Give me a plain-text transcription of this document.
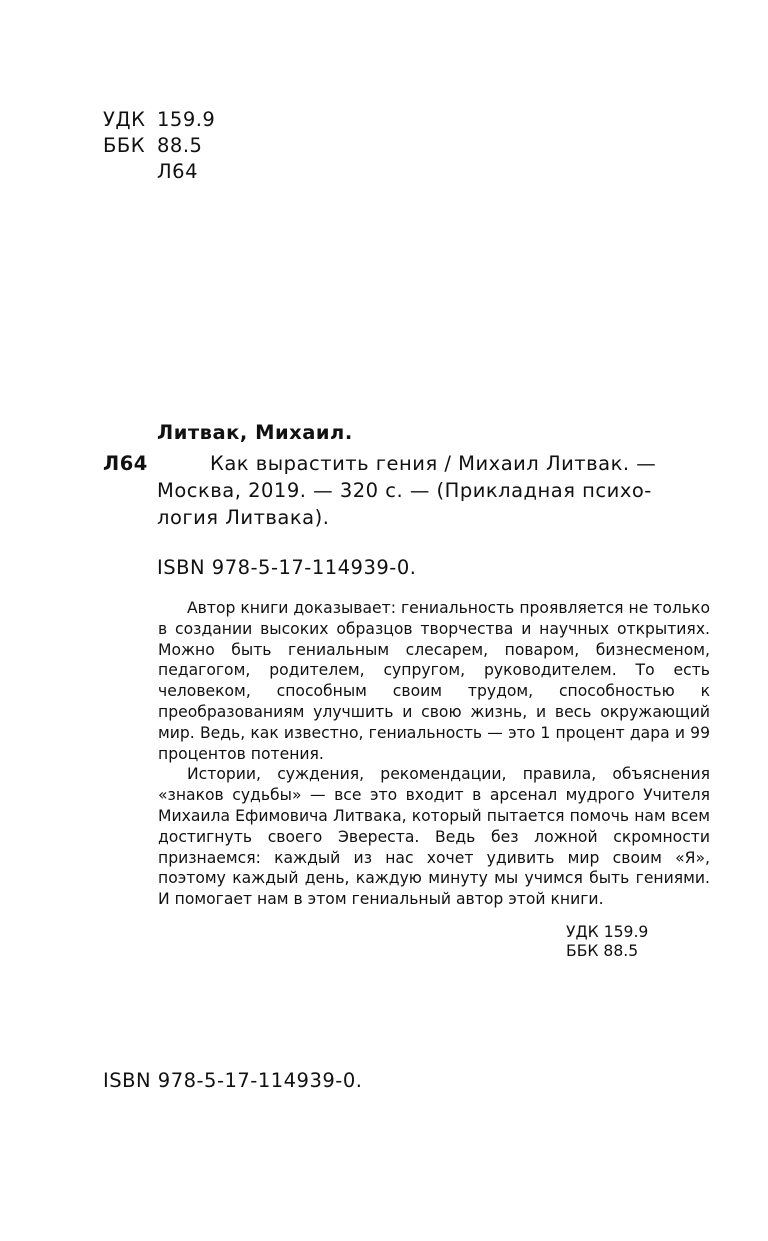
УДК 159.9
ББК 88.5
Л64
Литвак, Михаил.
Л64	Как вырастить гения / Михаил Литвак. —
Москва, 2019. — 320 с. — (Прикладная психо-
логия Литвака).
ISBN 978-5-17-114939-0.

Автор книги доказывает: гениальность проявляется не только в создании высоких образцов творчества и научных открытиях. Можно быть гениальным слесарем, поваром, бизнесменом, педагогом, родителем, супругом, руководителем. То есть человеком, способным своим трудом, способностью к преобразованиям улучшить и свою жизнь, и весь окружающий мир. Ведь, как известно, гениальность — это 1 процент дара и 99 процентов потения.

Истории, суждения, рекомендации, правила, объяснения «знаков судьбы» — все это входит в арсенал мудрого Учителя Михаила Ефимовича Литвака, который пытается помочь нам всем достигнуть своего Эвереста. Ведь без ложной скромности признаемся: каждый из нас хочет удивить мир своим «Я», поэтому каждый день, каждую минуту мы учимся быть гениями. И помогает нам в этом гениальный автор этой книги.

УДК 159.9
ББК 88.5
ISBN 978-5-17-114939-0.
